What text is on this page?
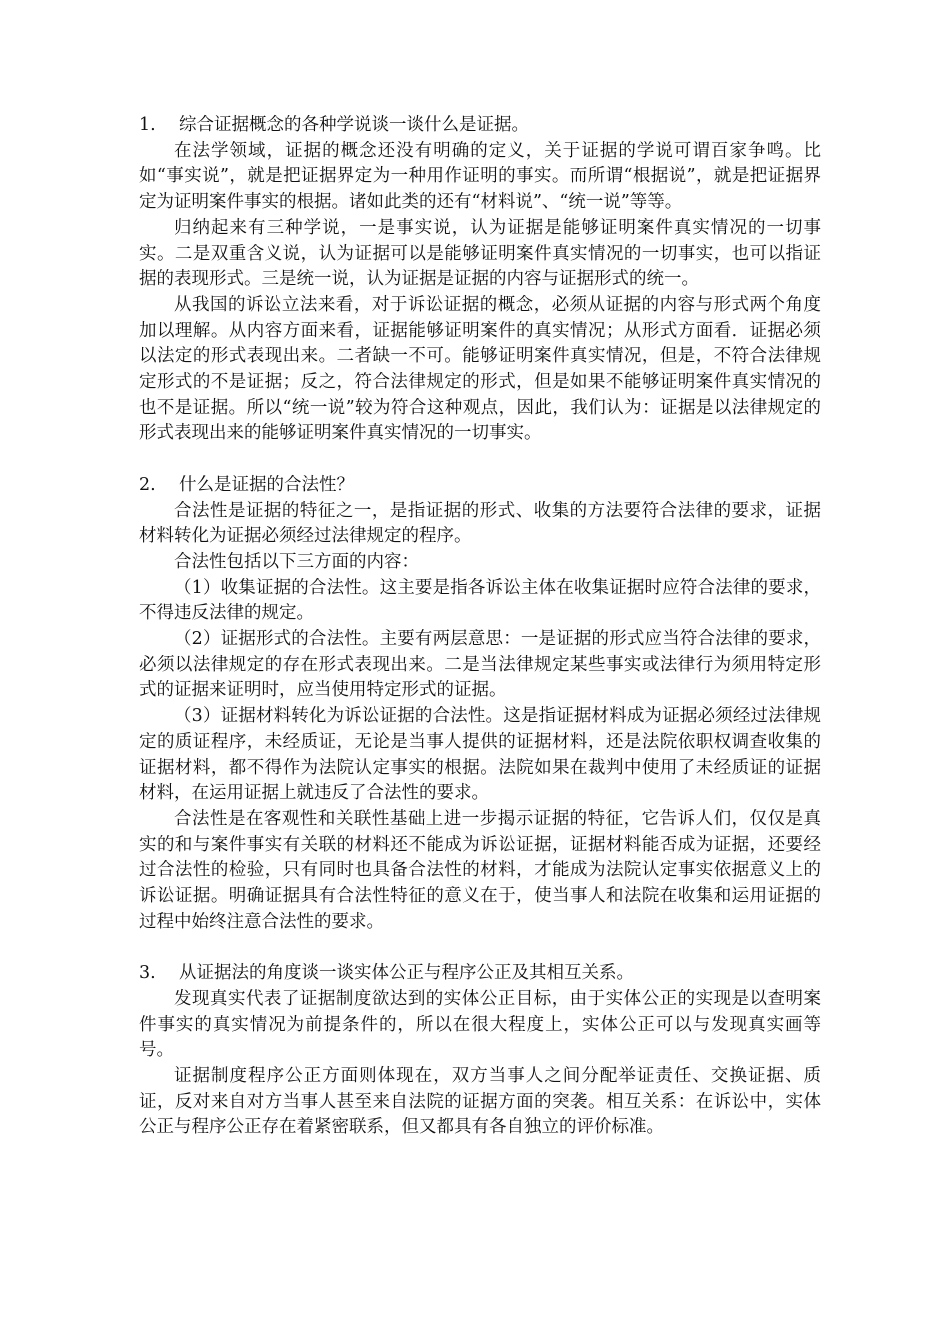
1. 综合证据概念的各种学说谈一谈什么是证据。

在法学领域，证据的概念还没有明确的定义，关于证据的学说可谓百家争鸣。比如“事实说”，就是把证据界定为一种用作证明的事实。而所谓“根据说”，就是把证据界定为证明案件事实的根据。诸如此类的还有“材料说”、“统一说”等等。

归纳起来有三种学说，一是事实说，认为证据是能够证明案件真实情况的一切事实。二是双重含义说，认为证据可以是能够证明案件真实情况的一切事实，也可以指证据的表现形式。三是统一说，认为证据是证据的内容与证据形式的统一。

从我国的诉讼立法来看，对于诉讼证据的概念，必须从证据的内容与形式两个角度加以理解。从内容方面来看，证据能够证明案件的真实情况；从形式方面看．证据必须以法定的形式表现出来。二者缺一不可。能够证明案件真实情况，但是，不符合法律规定形式的不是证据；反之，符合法律规定的形式，但是如果不能够证明案件真实情况的也不是证据。所以“统一说”较为符合这种观点，因此，我们认为：证据是以法律规定的形式表现出来的能够证明案件真实情况的一切事实。

2. 什么是证据的合法性？

合法性是证据的特征之一，是指证据的形式、收集的方法要符合法律的要求，证据材料转化为证据必须经过法律规定的程序。

合法性包括以下三方面的内容：

（1）收集证据的合法性。这主要是指各诉讼主体在收集证据时应符合法律的要求，不得违反法律的规定。

（2）证据形式的合法性。主要有两层意思：一是证据的形式应当符合法律的要求，必须以法律规定的存在形式表现出来。二是当法律规定某些事实或法律行为须用特定形式的证据来证明时，应当使用特定形式的证据。

（3）证据材料转化为诉讼证据的合法性。这是指证据材料成为证据必须经过法律规定的质证程序，未经质证，无论是当事人提供的证据材料，还是法院依职权调查收集的证据材料，都不得作为法院认定事实的根据。法院如果在裁判中使用了未经质证的证据材料，在运用证据上就违反了合法性的要求。

合法性是在客观性和关联性基础上进一步揭示证据的特征，它告诉人们，仅仅是真实的和与案件事实有关联的材料还不能成为诉讼证据，证据材料能否成为证据，还要经过合法性的检验，只有同时也具备合法性的材料，才能成为法院认定事实依据意义上的诉讼证据。明确证据具有合法性特征的意义在于，使当事人和法院在收集和运用证据的过程中始终注意合法性的要求。

3. 从证据法的角度谈一谈实体公正与程序公正及其相互关系。

发现真实代表了证据制度欲达到的实体公正目标，由于实体公正的实现是以查明案件事实的真实情况为前提条件的，所以在很大程度上，实体公正可以与发现真实画等号。

证据制度程序公正方面则体现在，双方当事人之间分配举证责任、交换证据、质证，反对来自对方当事人甚至来自法院的证据方面的突袭。相互关系：在诉讼中，实体公正与程序公正存在着紧密联系，但又都具有各自独立的评价标准。
